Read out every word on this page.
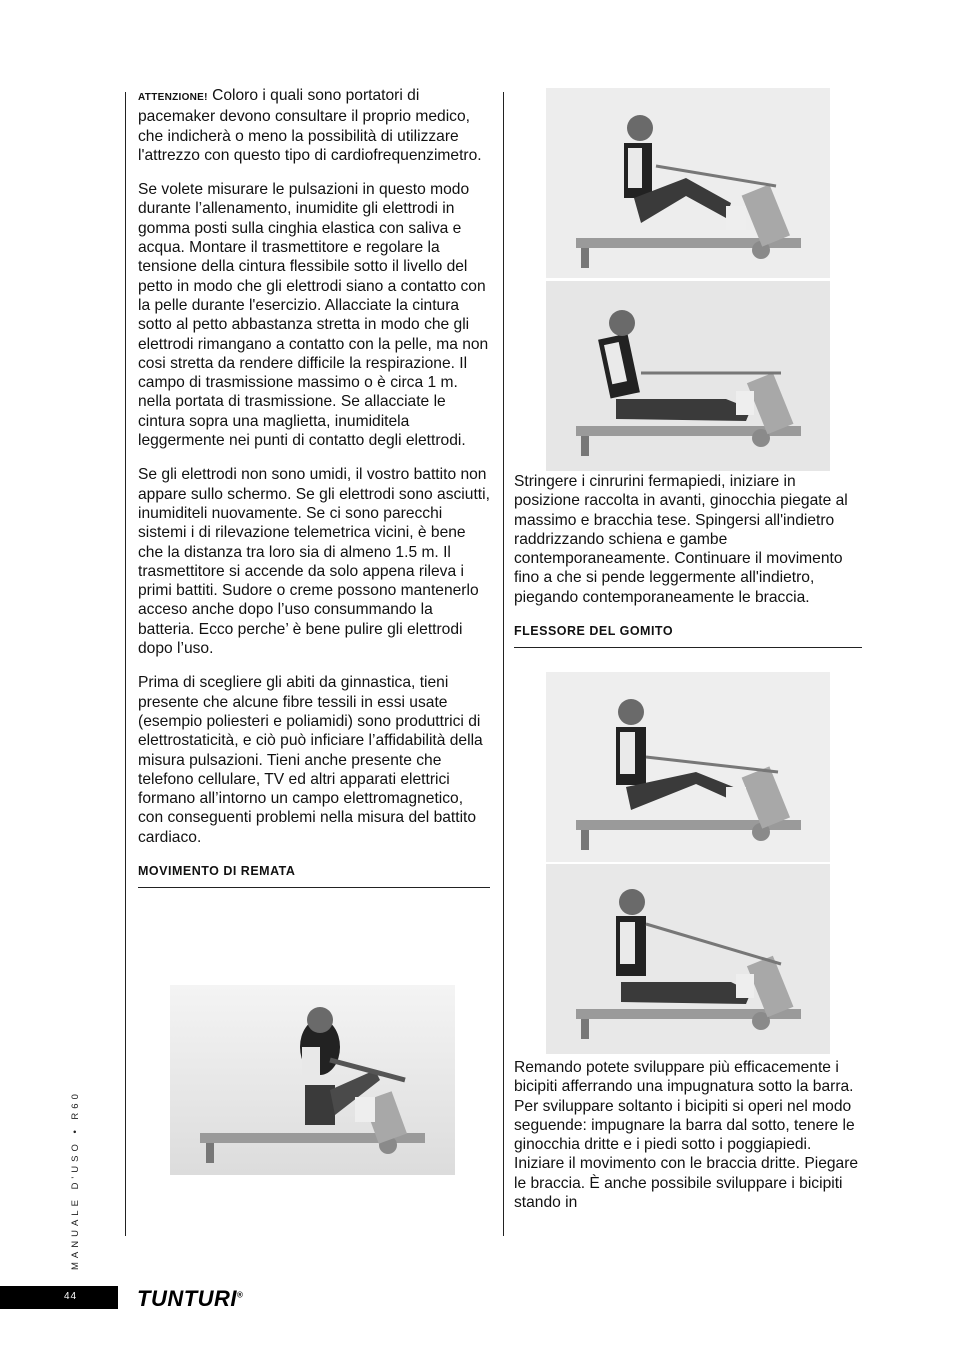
ATTENZIONE! Coloro i quali sono portatori di pacemaker devono consultare il proprio medico, che indicherà o meno la possibilità di utilizzare l'attrezzo con questo tipo di cardiofrequenzimetro.

Se volete misurare le pulsazioni in questo modo durante l’allenamento, inumidite gli elettrodi in gomma posti sulla cinghia elastica con saliva e acqua. Montare il trasmettitore e regolare la tensione della cintura flessibile sotto il livello del petto in modo che gli elettrodi siano a contatto con la pelle durante l'esercizio. Allacciate la cintura sotto al petto abbastanza stretta in modo che gli elettrodi rimangano a contatto con la pelle, ma non cosi stretta da rendere difficile la respirazione. Il campo di trasmissione massimo o è circa 1 m. nella portata di trasmissione. Se allacciate le cintura sopra una maglietta, inumiditela leggermente nei punti di contatto degli elettrodi.

Se gli elettrodi non sono umidi, il vostro battito non appare sullo schermo. Se gli elettrodi sono asciutti, inumiditeli nuovamente. Se ci sono parecchi sistemi i di rilevazione telemetrica vicini, è bene che la distanza tra loro sia di almeno 1.5 m. Il trasmettitore si accende da solo appena rileva i primi battiti. Sudore o creme possono mantenerlo acceso anche dopo l’uso consummando la batteria. Ecco perche’ è bene pulire gli elettrodi dopo l’uso.

Prima di scegliere gli abiti da ginnastica, tieni presente che alcune fibre tessili in essi usate (esempio poliesteri e poliamidi) sono produttrici di elettrostaticità, e ciò può inficiare l’affidabilità della misura pulsazioni. Tieni anche presente che telefono cellulare, TV ed altri apparati elettrici formano all’intorno un campo elettromagnetico, con conseguenti problemi nella misura del battito cardiaco.

MOVIMENTO DI REMATA

Stringere i cinrurini fermapiedi, iniziare in posizione raccolta in avanti, ginocchia piegate al massimo e bracchia tese. Spingersi all'indietro raddrizzando schiena e gambe contemporaneamente. Continuare il movimento fino a che si pende leggermente all'indietro, piegando contemporaneamente le braccia.

FLESSORE DEL GOMITO

Remando potete sviluppare più efficacemente i bicipiti afferrando una impugnatura sotto la barra. Per sviluppare soltanto i bicipiti si operi nel modo seguende: impugnare la barra dal sotto, tenere le ginocchia dritte e i piedi sotto i poggiapiedi. Iniziare il movimento con le braccia dritte. Piegare le braccia. È anche possibile sviluppare i bicipiti stando in

MANUALE D'USO • R60
44	TUNTURI®
